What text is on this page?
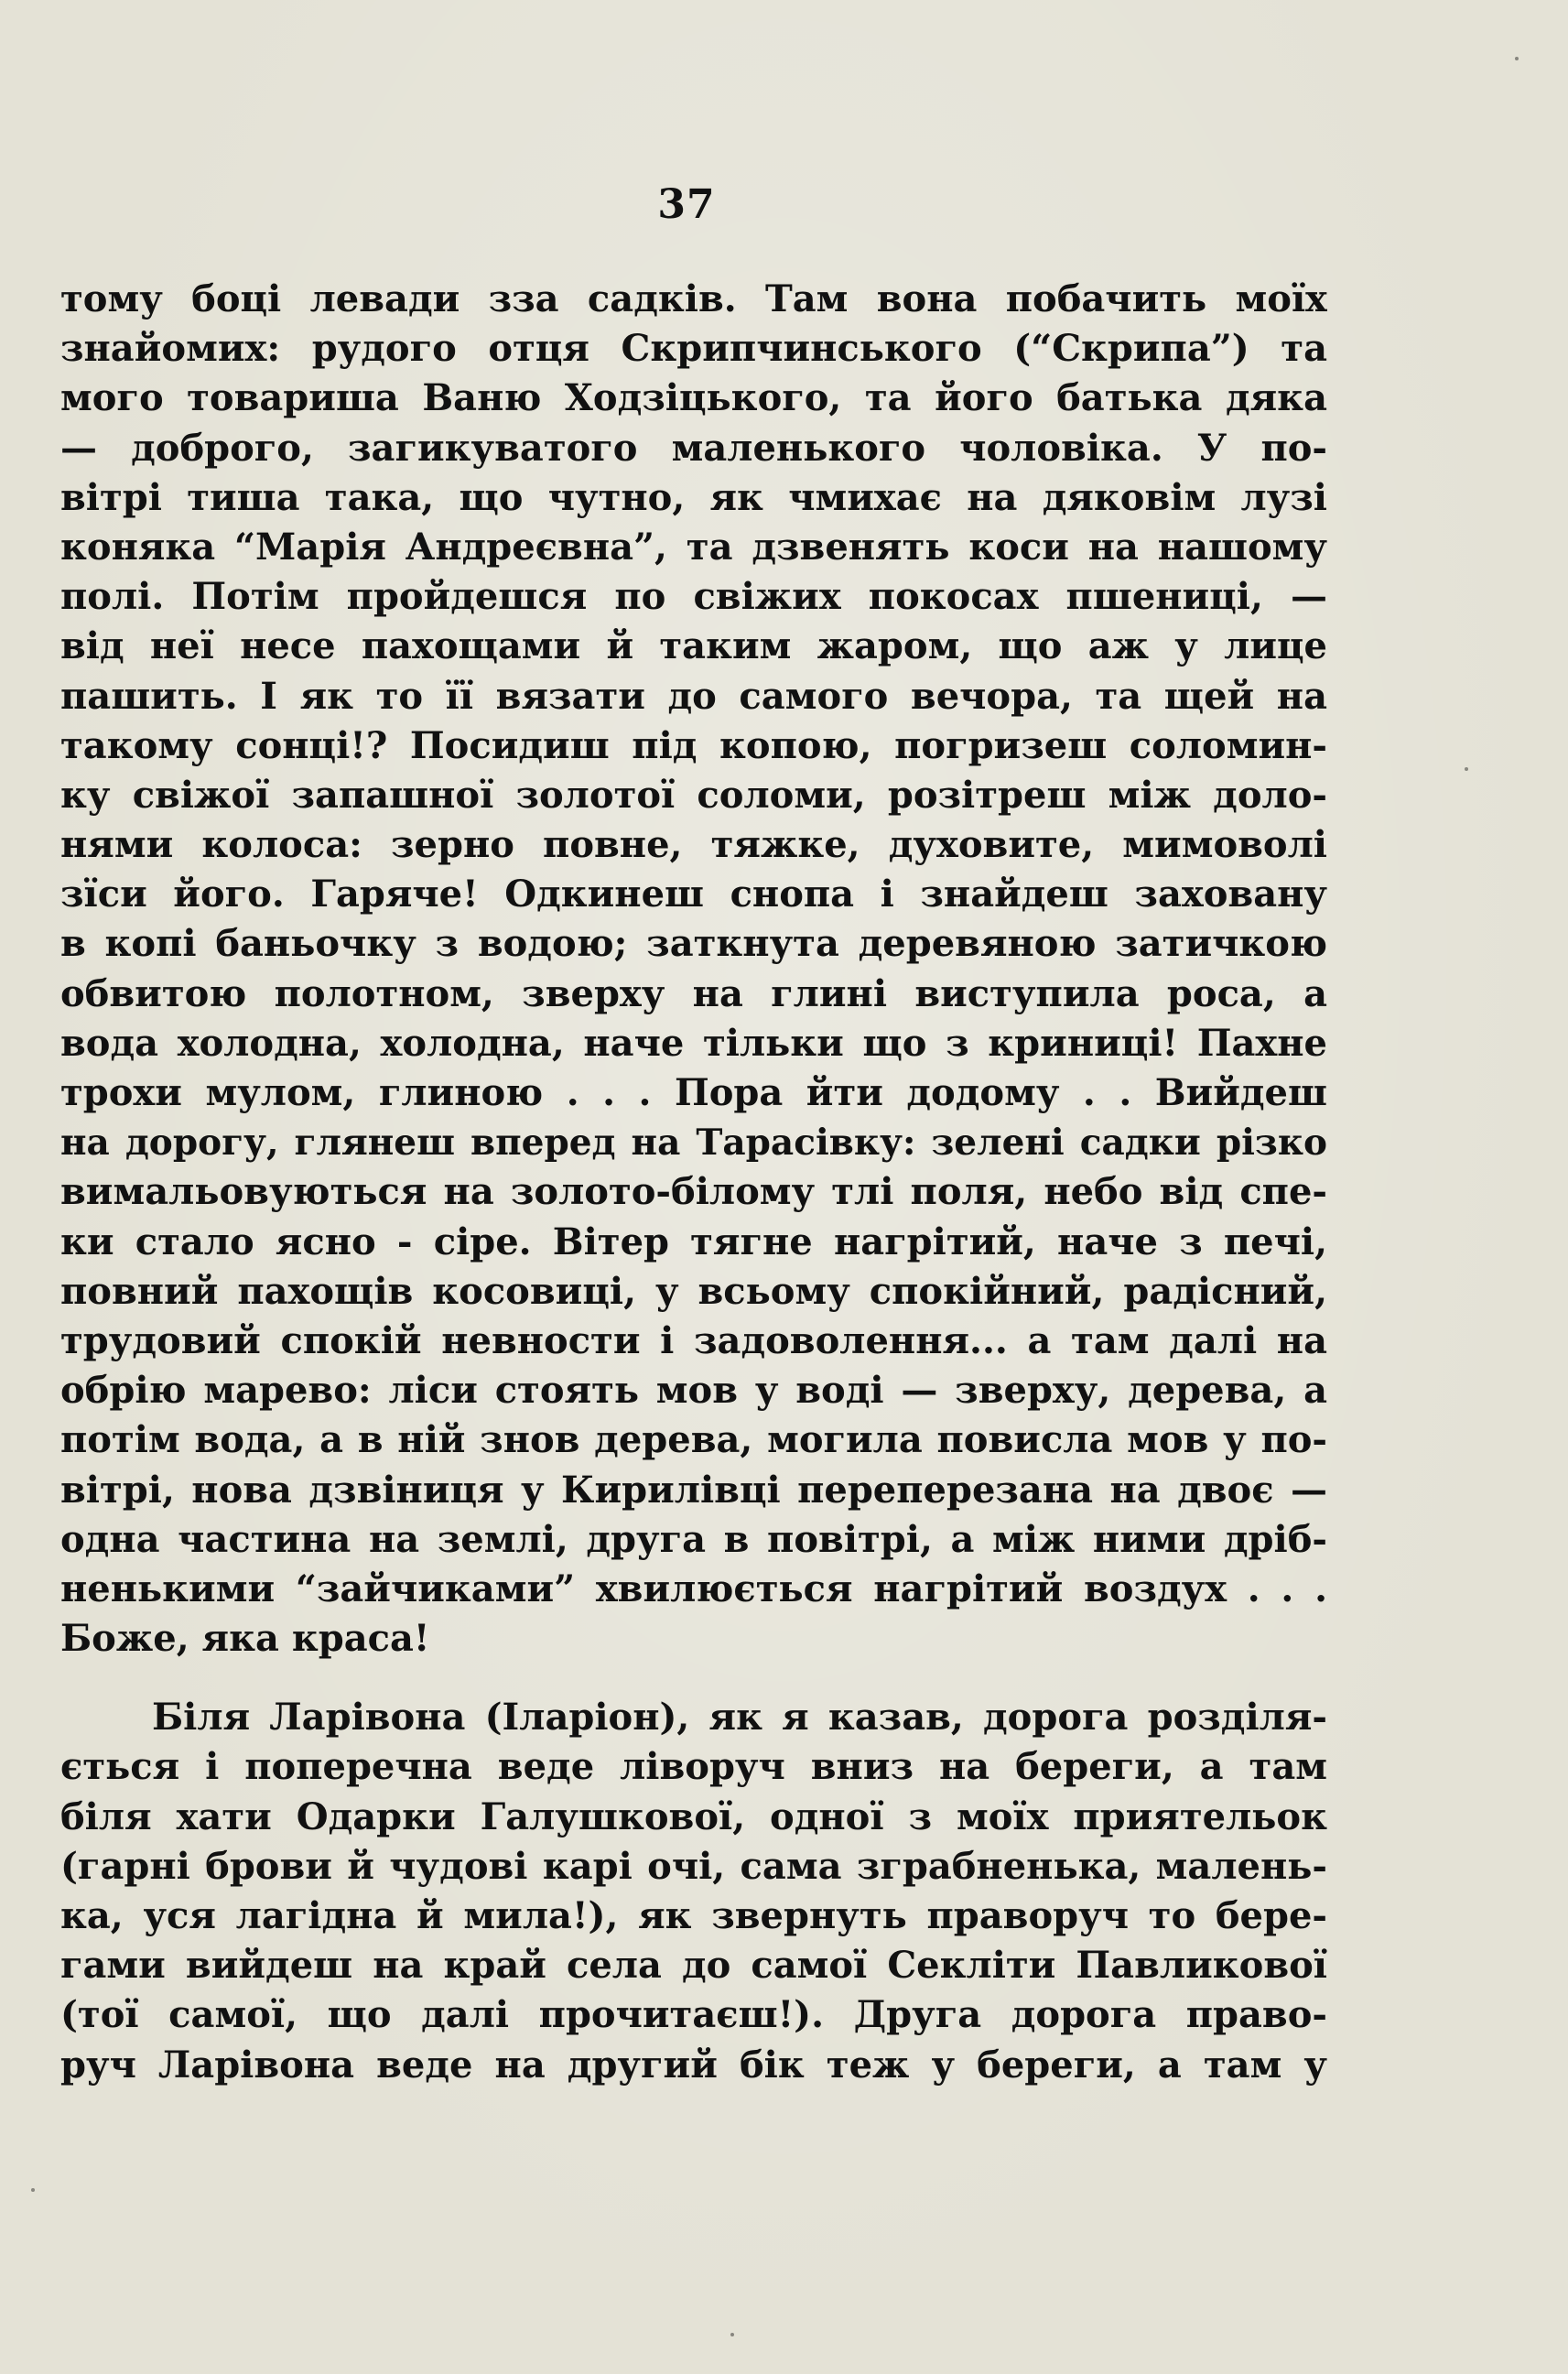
37
тому боці левади зза садків. Там вона побачить моїх
знайомих: рудого отця Скрипчинського (“Скрипа”) та
мого товариша Ваню Ходзіцького, та його батька дяка
— доброго, загикуватого маленького чоловіка. У по-
вітрі тиша така, що чутно, як чмихає на дяковім лузі
коняка “Марія Андреєвна”, та дзвенять коси на нашому
полі. Потім пройдешся по свіжих покосах пшениці, —
від неї несе пахощами й таким жаром, що аж у лице
пашить. І як то її вязати до самого вечора, та щей на
такому сонці!? Посидиш під копою, погризеш соломин-
ку свіжої запашної золотої соломи, розітреш між доло-
нями колоса: зерно повне, тяжке, духовите, мимоволі
зїси його. Гаряче! Одкинеш снопа і знайдеш заховану
в копі баньочку з водою; заткнута деревяною затичкою
обвитою полотном, зверху на глині виступила роса, а
вода холодна, холодна, наче тільки що з криниці! Пахне
трохи мулом, глиною . . . Пора йти додому . . Вийдеш
на дорогу, глянеш вперед на Тарасівку: зелені садки різко
вимальовуються на золото-білому тлі поля, небо від спе-
ки стало ясно - сіре. Вітер тягне нагрітий, наче з печі,
повний пахощів косовиці, у всьому спокійний, радісний,
трудовий спокій невности і задоволення... а там далі на
обрію марево: ліси стоять мов у воді — зверху, дерева, а
потім вода, а в ній знов дерева, могила повисла мов у по-
вітрі, нова дзвіниця у Кирилівці переперезана на двоє —
одна частина на землі, друга в повітрі, а між ними дріб-
ненькими “зайчиками” хвилюється нагрітий воздух . . .
Боже, яка краса!
Біля Ларівона (Іларіон), як я казав, дорога розділя-
ється і поперечна веде ліворуч вниз на береги, а там
біля хати Одарки Галушкової, одної з моїх приятельок
(гарні брови й чудові карі очі, сама зграбненька, малень-
ка, уся лагідна й мила!), як звернуть праворуч то бере-
гами вийдеш на край села до самої Секліти Павликової
(тої самої, що далі прочитаєш!). Друга дорога право-
руч Ларівона веде на другий бік теж у береги, а там у
